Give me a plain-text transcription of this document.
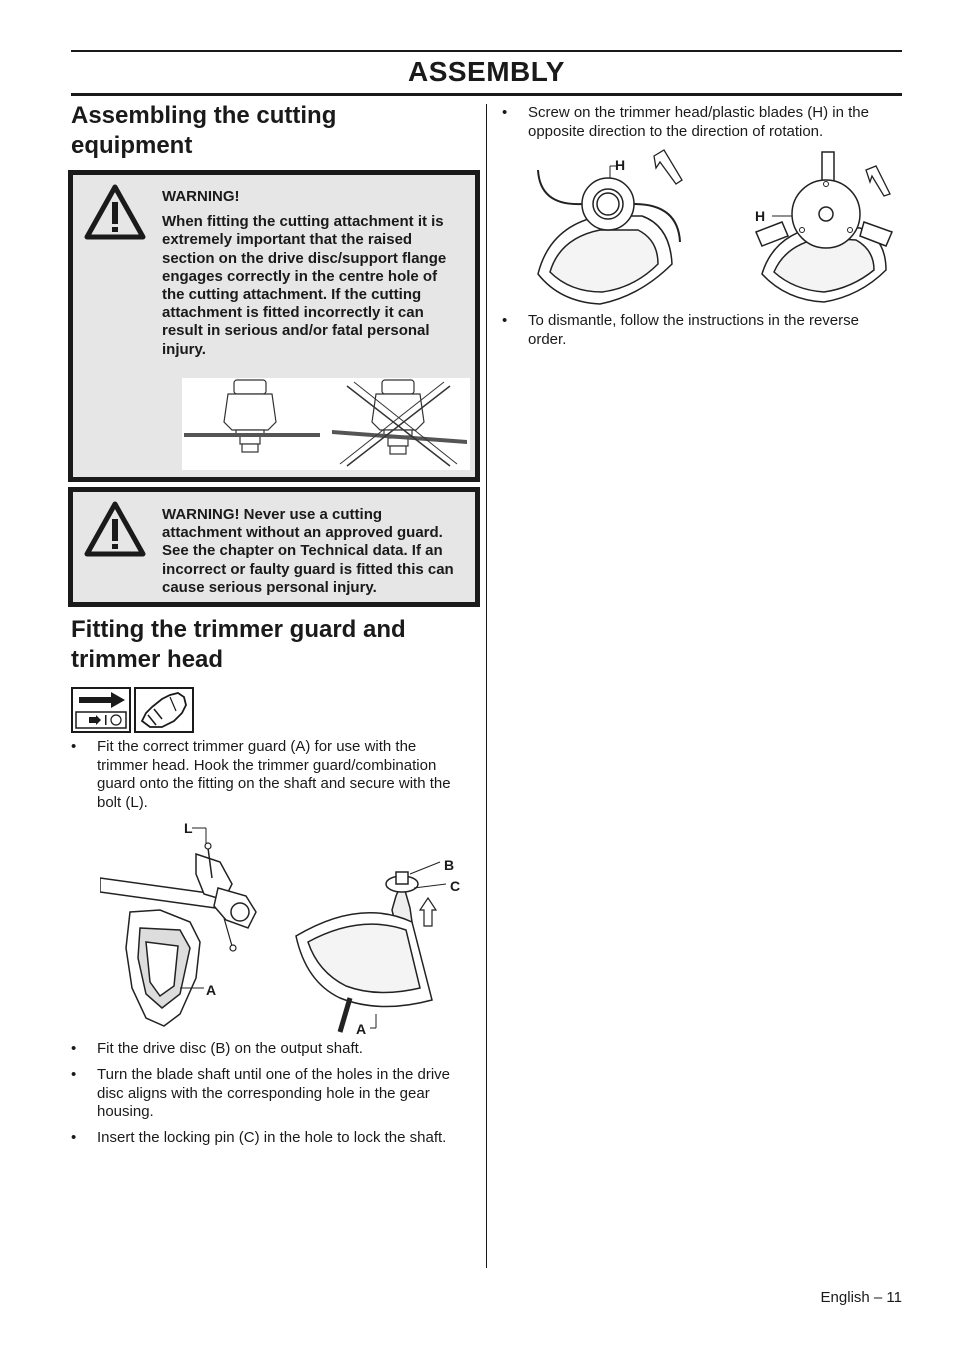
ASSEMBLY
Assembling the cutting
equipment
WARNING!
When fitting the cutting attachment it is
extremely important that the raised
section on the drive disc/support flange
engages correctly in the centre hole of
the cutting attachment. If the cutting
attachment is fitted incorrectly it can
result in serious and/or fatal personal
injury.
WARNING! Never use a cutting
attachment without an approved guard.
See the chapter on Technical data. If an
incorrect or faulty guard is fitted this can
cause serious personal injury.
Fitting the trimmer guard and
trimmer head
• Fit the correct trimmer guard (A) for use with the
trimmer head. Hook the trimmer guard/combination
guard onto the fitting on the shaft and secure with the
bolt (L).
L
A
B
C
A
• Fit the drive disc (B) on the output shaft.
• Turn the blade shaft until one of the holes in the drive
disc aligns with the corresponding hole in the gear
housing.
• Insert the locking pin (C) in the hole to lock the shaft.
• Screw on the trimmer head/plastic blades (H) in the
opposite direction to the direction of rotation.
H
H
• To dismantle, follow the instructions in the reverse
order.
English – 11
